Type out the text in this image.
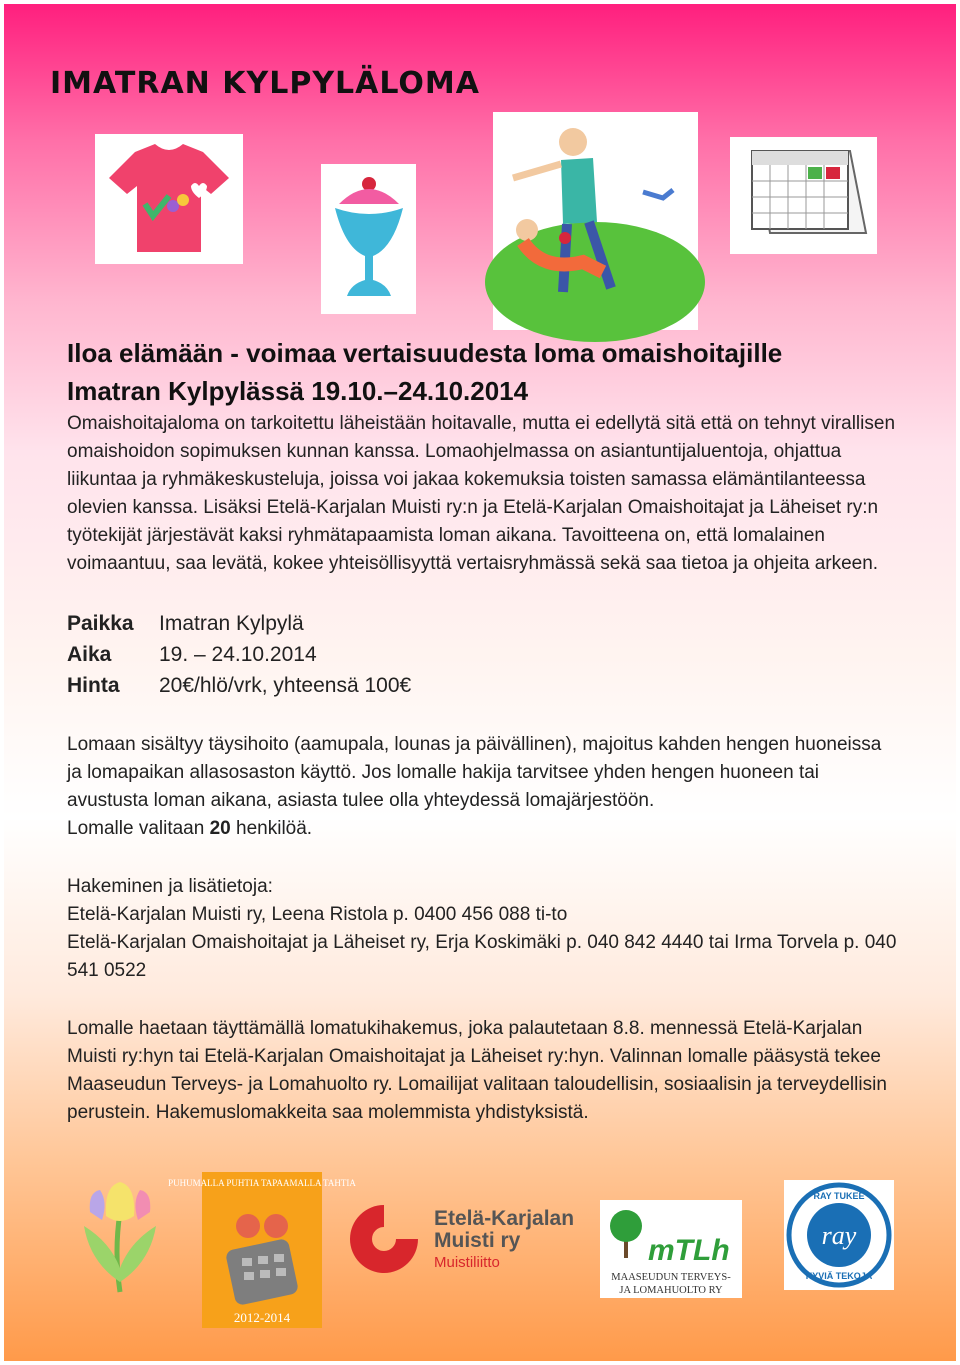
IMATRAN KYLPYLÄLOMA
Iloa elämään - voimaa vertaisuudesta loma omaishoitajille
Imatran Kylpylässä 19.10.–24.10.2014

Omaishoitajaloma on tarkoitettu läheistään hoitavalle, mutta ei edellytä sitä että on tehnyt virallisen omaishoidon sopimuksen kunnan kanssa. Lomaohjelmassa on asiantuntijaluentoja, ohjattua liikuntaa ja ryhmäkeskusteluja, joissa voi jakaa kokemuksia toisten samassa elämäntilanteessa olevien kanssa. Lisäksi Etelä-Karjalan Muisti ry:n ja Etelä-Karjalan Omaishoitajat ja Läheiset ry:n työtekijät järjestävät kaksi ryhmätapaamista loman aikana. Tavoitteena on, että lomalainen voimaantuu, saa levätä, kokee yhteisöllisyyttä vertaisryhmässä sekä saa tietoa ja ohjeita arkeen.

Paikka	Imatran Kylpylä
Aika	19. – 24.10.2014
Hinta	20€/hlö/vrk, yhteensä 100€

Lomaan sisältyy täysihoito (aamupala, lounas ja päivällinen), majoitus kahden hengen huoneissa ja lomapaikan allasosaston käyttö. Jos lomalle hakija tarvitsee yhden hengen huoneen tai avustusta loman aikana, asiasta tulee olla yhteydessä lomajärjestöön.

Lomalle valitaan 20 henkilöä.

Hakeminen ja lisätietoja:

Etelä-Karjalan Muisti ry, Leena Ristola p. 0400 456 088 ti-to

Etelä-Karjalan Omaishoitajat ja Läheiset ry, Erja Koskimäki p. 040 842 4440 tai Irma Torvela p. 040 541 0522

Lomalle haetaan täyttämällä lomatukihakemus, joka palautetaan 8.8. mennessä Etelä-Karjalan Muisti ry:hyn tai Etelä-Karjalan Omaishoitajat ja Läheiset ry:hyn. Valinnan lomalle pääsystä tekee Maaseudun Terveys- ja Lomahuolto ry. Lomailijat valitaan taloudellisin, sosiaalisin ja terveydellisin perustein. Hakemuslomakkeita saa molemmista yhdistyksistä.

PUHUMALLA PUHTIA TAPAAMALLA TAHTIA
2012-2014
Etelä-Karjalan
Muisti ry
Muistiliitto	mTLh
MAASEUDUN TERVEYS-
JA LOMAHUOLTO RY
ray
RAY TUKEE
HYVIÄ TEKOJA
